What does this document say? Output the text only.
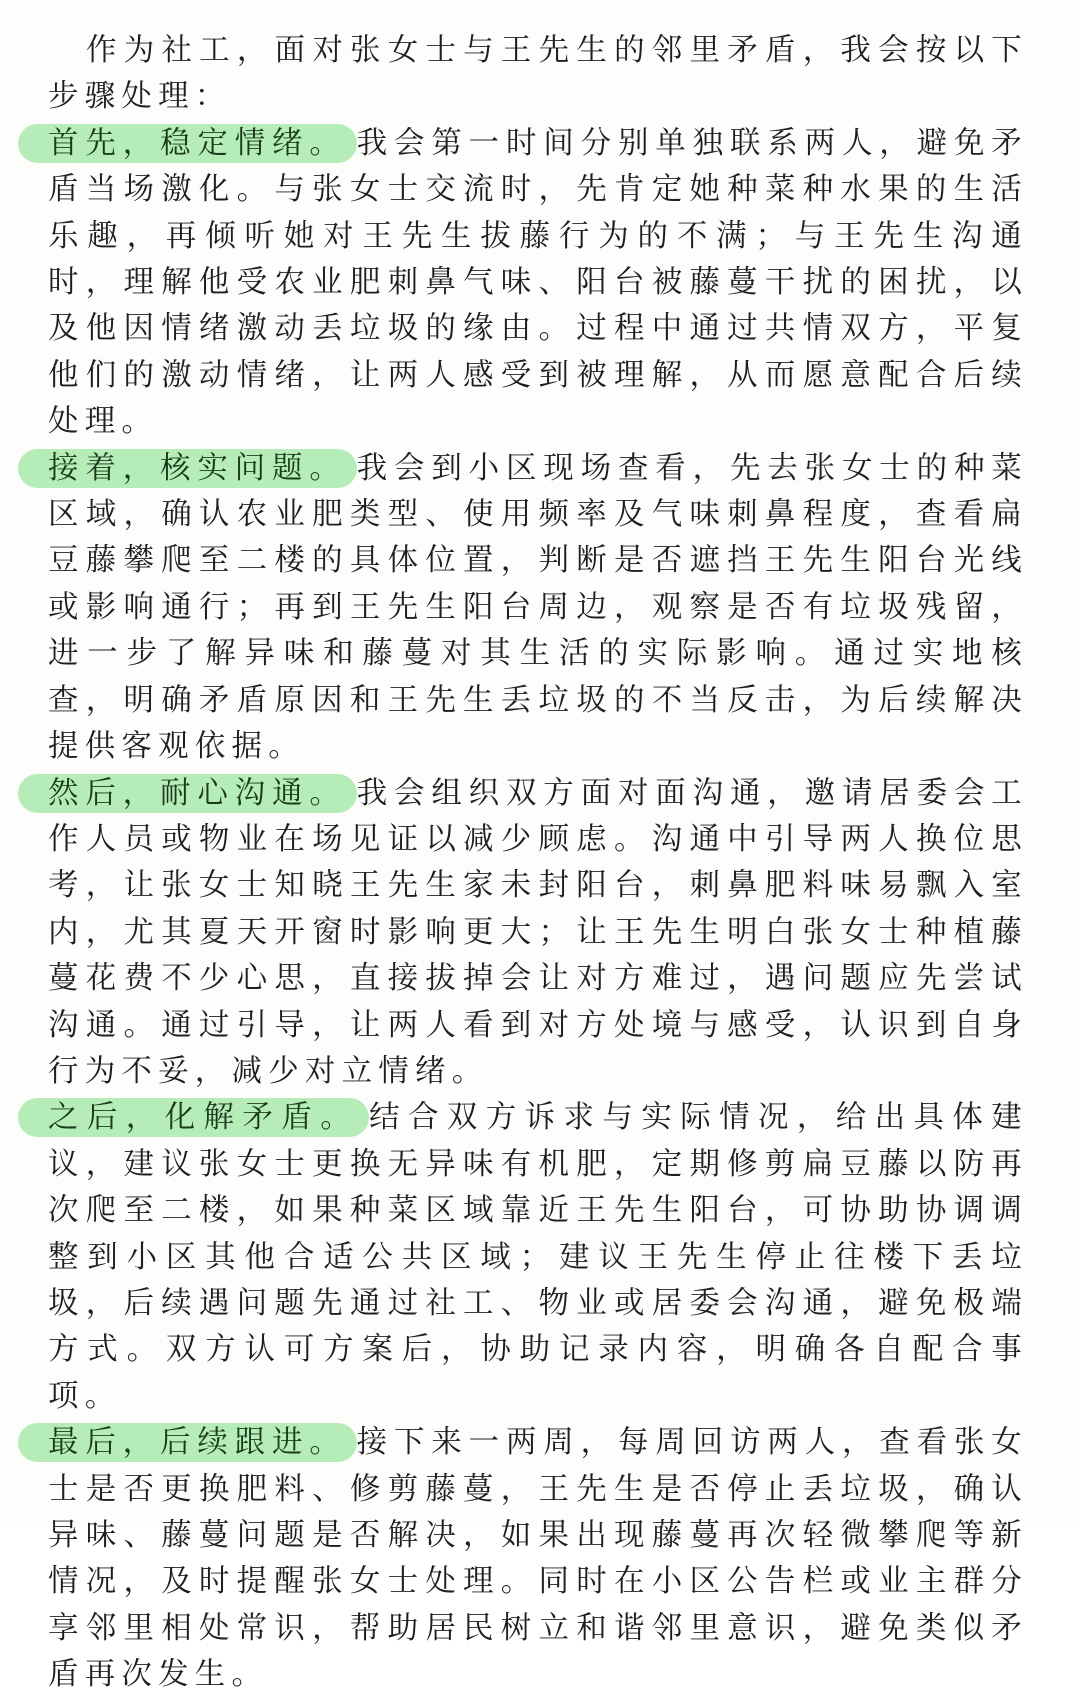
作为社工，面对张女士与王先生的邻里矛盾，我会按以下步骤处理：

首先，稳定情绪。 我会第一时间分别单独联系两人，避免矛盾当场激化。与张女士交流时，先肯定她种菜种水果的生活乐趣，再倾听她对王先生拔藤行为的不满；与王先生沟通时，理解他受农业肥刺鼻气味、阳台被藤蔓干扰的困扰，以及他因情绪激动丢垃圾的缘由。过程中通过共情双方，平复他们的激动情绪，让两人感受到被理解，从而愿意配合后续处理。

接着，核实问题。 我会到小区现场查看，先去张女士的种菜区域，确认农业肥类型、使用频率及气味刺鼻程度，查看扁豆藤攀爬至二楼的具体位置，判断是否遮挡王先生阳台光线或影响通行；再到王先生阳台周边，观察是否有垃圾残留，进一步了解异味和藤蔓对其生活的实际影响。通过实地核查，明确矛盾原因和王先生丢垃圾的不当反击，为后续解决提供客观依据。

然后，耐心沟通。 我会组织双方面对面沟通，邀请居委会工作人员或物业在场见证以减少顾虑。沟通中引导两人换位思考，让张女士知晓王先生家未封阳台，刺鼻肥料味易飘入室内，尤其夏天开窗时影响更大；让王先生明白张女士种植藤蔓花费不少心思，直接拔掉会让对方难过，遇问题应先尝试沟通。通过引导，让两人看到对方处境与感受，认识到自身行为不妥，减少对立情绪。

之后，化解矛盾。 结合双方诉求与实际情况，给出具体建议，建议张女士更换无异味有机肥，定期修剪扁豆藤以防再次爬至二楼，如果种菜区域靠近王先生阳台，可协助协调调整到小区其他合适公共区域；建议王先生停止往楼下丢垃圾，后续遇问题先通过社工、物业或居委会沟通，避免极端方式。双方认可方案后，协助记录内容，明确各自配合事项。

最后，后续跟进。 接下来一两周，每周回访两人，查看张女士是否更换肥料、修剪藤蔓，王先生是否停止丢垃圾，确认异味、藤蔓问题是否解决，如果出现藤蔓再次轻微攀爬等新情况，及时提醒张女士处理。同时在小区公告栏或业主群分享邻里相处常识，帮助居民树立和谐邻里意识，避免类似矛盾再次发生。
